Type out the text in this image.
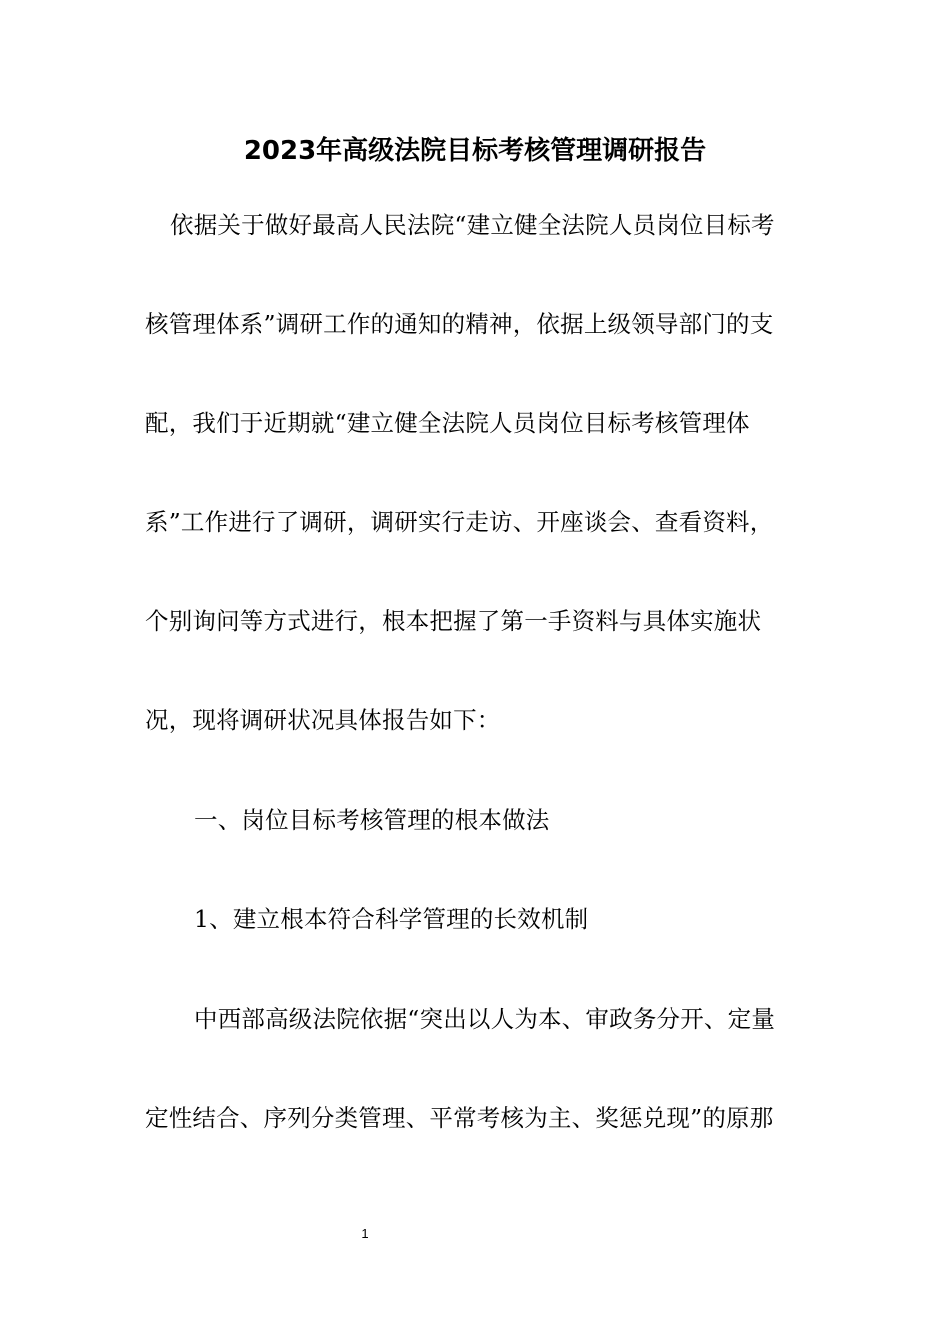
2023年高级法院目标考核管理调研报告
依据关于做好最高人民法院“建立健全法院人员岗位目标考
核管理体系”调研工作的通知的精神，依据上级领导部门的支
配，我们于近期就“建立健全法院人员岗位目标考核管理体
系”工作进行了调研，调研实行走访、开座谈会、查看资料，
个别询问等方式进行，根本把握了第一手资料与具体实施状
况，现将调研状况具体报告如下：
一、岗位目标考核管理的根本做法
1、建立根本符合科学管理的长效机制
中西部高级法院依据“突出以人为本、审政务分开、定量
定性结合、序列分类管理、平常考核为主、奖惩兑现”的原那
1
